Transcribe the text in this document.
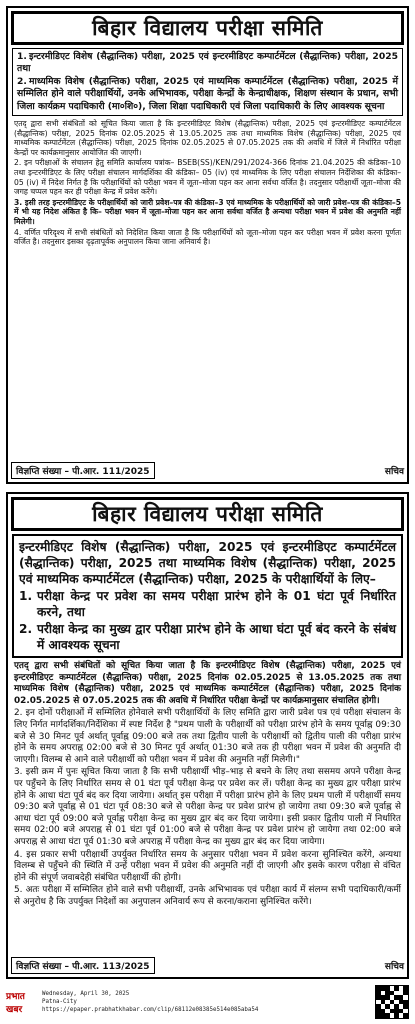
बिहार विद्यालय परीक्षा समिति
1. इन्टरमीडिएट विशेष (सैद्धान्तिक) परीक्षा, 2025 एवं इन्टरमीडिएट कम्पार्टमेंटल (सैद्धान्तिक) परीक्षा, 2025 तथा
2. माध्यमिक विशेष (सैद्धान्तिक) परीक्षा, 2025 एवं माध्यमिक कम्पार्टमेंटल (सैद्धान्तिक) परीक्षा, 2025 में सम्मिलित होने वाले परीक्षार्थियों, उनके अभिभावक, परीक्षा केन्द्रों के केन्द्राधीक्षक, शिक्षण संस्थान के प्रधान, सभी जिला कार्यक्रम पदाधिकारी (मा०शि०), जिला शिक्षा पदाधिकारी एवं जिला पदाधिकारी के लिए आवश्यक सूचना

एतद् द्वारा सभी संबंधितों को सूचित किया जाता है कि इन्टरमीडिएट विशेष (सैद्धान्तिक) परीक्षा, 2025 एवं इन्टरमीडिएट कम्पार्टमेंटल (सैद्धान्तिक) परीक्षा, 2025 दिनांक 02.05.2025 से 13.05.2025 तक तथा माध्यमिक विशेष (सैद्धान्तिक) परीक्षा, 2025 एवं माध्यमिक कम्पार्टमेंटल (सैद्धान्तिक) परीक्षा, 2025 दिनांक 02.05.2025 से 07.05.2025 तक की अवधि में जिले में निर्धारित परीक्षा केन्द्रों पर कार्यक्रमानुसार आयोजित की जाएगी।

2. इन परीक्षाओं के संचालन हेतु समिति कार्यालय पत्रांक– BSEB(SS)/KEN/291/2024-366 दिनांक 21.04.2025 की कंडिका–10 तथा इन्टरमीडिएट के लिए परीक्षा संचालन मार्गदर्शिका की कंडिका– 05 (iv) एवं माध्यमिक के लिए परीक्षा संचालन निर्देशिका की कंडिका– 05 (iv) में निदेश निर्गत है कि परीक्षार्थियों को परीक्षा भवन में जूता–मोजा पहन कर आना सर्वथा वर्जित है। तदनुसार परीक्षार्थी जूता–मोजा की जगह चप्पल पहन कर ही परीक्षा केन्द्र में प्रवेश करेंगे।

3. इसी तरह इन्टरमीडिएट के परीक्षार्थियों को जारी प्रवेश–पत्र की कंडिका–3 एवं माध्यमिक के परीक्षार्थियों को जारी प्रवेश–पत्र की कंडिका–5 में भी यह निदेश अंकित है कि– परीक्षा भवन में जूता–मोजा पहन कर आना सर्वथा वर्जित है अन्यथा परीक्षा भवन में प्रवेश की अनुमति नहीं मिलेगी।

4. वर्णित परिदृश्य में सभी संबंधितों को निदेशित किया जाता है कि परीक्षार्थियों को जूता–मोजा पहन कर परीक्षा भवन में प्रवेश करना पूर्णतः वर्जित है। तदनुसार इसका दृढ़तापूर्वक अनुपालन किया जाना अनिवार्य है।

विज्ञप्ति संख्या – पी.आर. 111/2025	सचिव
बिहार विद्यालय परीक्षा समिति
इन्टरमीडिएट विशेष (सैद्धान्तिक) परीक्षा, 2025 एवं इन्टरमीडिएट कम्पार्टमेंटल (सैद्धान्तिक) परीक्षा, 2025 तथा माध्यमिक विशेष (सैद्धान्तिक) परीक्षा, 2025 एवं माध्यमिक कम्पार्टमेंटल (सैद्धान्तिक) परीक्षा, 2025 के परीक्षार्थियों के लिए–
1. परीक्षा केन्द्र पर प्रवेश का समय परीक्षा प्रारंभ होने के 01 घंटा पूर्व निर्धारित करने, तथा
2. परीक्षा केन्द्र का मुख्य द्वार परीक्षा प्रारंभ होने के आधा घंटा पूर्व बंद करने के संबंध में आवश्यक सूचना

एतद् द्वारा सभी संबंधितों को सूचित किया जाता है कि इन्टरमीडिएट विशेष (सैद्धान्तिक) परीक्षा, 2025 एवं इन्टरमीडिएट कम्पार्टमेंटल (सैद्धान्तिक) परीक्षा, 2025 दिनांक 02.05.2025 से 13.05.2025 तक तथा माध्यमिक विशेष (सैद्धान्तिक) परीक्षा, 2025 एवं माध्यमिक कम्पार्टमेंटल (सैद्धान्तिक) परीक्षा, 2025 दिनांक 02.05.2025 से 07.05.2025 तक की अवधि में निर्धारित परीक्षा केन्द्रों पर कार्यक्रमानुसार संचालित होगी।

2. इन दोनों परीक्षाओं में सम्मिलित होनेवाले सभी परीक्षार्थियों के लिए समिति द्वारा जारी प्रवेश पत्र एवं परीक्षा संचालन के लिए निर्गत मार्गदर्शिका/निर्देशिका में स्पष्ट निर्देश है "प्रथम पाली के परीक्षार्थी को परीक्षा प्रारंभ होने के समय पूर्वाह्न 09:30 बजे से 30 मिनट पूर्व अर्थात् पूर्वाह्न 09:00 बजे तक तथा द्वितीय पाली के परीक्षार्थी को द्वितीय पाली की परीक्षा प्रारंभ होने के समय अपराह्न 02:00 बजे से 30 मिनट पूर्व अर्थात् 01:30 बजे तक ही परीक्षा भवन में प्रवेश की अनुमति दी जाएगी। विलम्ब से आने वाले परीक्षार्थी को परीक्षा भवन में प्रवेश की अनुमति नहीं मिलेगी।"

3. इसी क्रम में पुनः सूचित किया जाता है कि सभी परीक्षार्थी भीड़–भाड़ से बचने के लिए तथा ससमय अपने परीक्षा केन्द्र पर पहुँचने के लिए निर्धारित समय से 01 घंटा पूर्व परीक्षा केन्द्र पर प्रवेश कर लें। परीक्षा केन्द्र का मुख्य द्वार परीक्षा प्रारंभ होने के आधा घंटा पूर्व बंद कर दिया जायेगा। अर्थात् इस परीक्षा में परीक्षा प्रारंभ होने के लिए प्रथम पाली में परीक्षार्थी समय 09:30 बजे पूर्वाह्न से 01 घंटा पूर्व 08:30 बजे से परीक्षा केन्द्र पर प्रवेश प्रारंभ हो जायेगा तथा 09:30 बजे पूर्वाह्न से आधा घंटा पूर्व 09:00 बजे पूर्वाह्न परीक्षा केन्द्र का मुख्य द्वार बंद कर दिया जायेगा। इसी प्रकार द्वितीय पाली में निर्धारित समय 02:00 बजे अपराह्न से 01 घंटा पूर्व 01:00 बजे से परीक्षा केन्द्र पर प्रवेश प्रारंभ हो जायेगा तथा 02:00 बजे अपराह्न से आधा घंटा पूर्व 01:30 बजे अपराह्न में परीक्षा केन्द्र का मुख्य द्वार बंद कर दिया जायेगा।

4. इस प्रकार सभी परीक्षार्थी उपर्युक्त निर्धारित समय के अनुसार परीक्षा भवन में प्रवेश करना सुनिश्चित करेंगे, अन्यथा विलम्ब से पहुँचने की स्थिति में उन्हें परीक्षा भवन में प्रवेश की अनुमति नहीं दी जाएगी और इसके कारण परीक्षा से वंचित होने की संपूर्ण जवाबदेही संबंधित परीक्षार्थी की होगी।

5. अतः परीक्षा में सम्मिलित होने वाले सभी परीक्षार्थी, उनके अभिभावक एवं परीक्षा कार्य में संलग्न सभी पदाधिकारी/कर्मी से अनुरोध है कि उपर्युक्त निदेशों का अनुपालन अनिवार्य रूप से करना/कराना सुनिश्चित करेंगे।

विज्ञप्ति संख्या – पी.आर. 113/2025	सचिव
प्रभात खबर
Wednesday, April 30, 2025
Patna-City
https://epaper.prabhatkhabar.com/clip/68112e08385e514e085aba54
